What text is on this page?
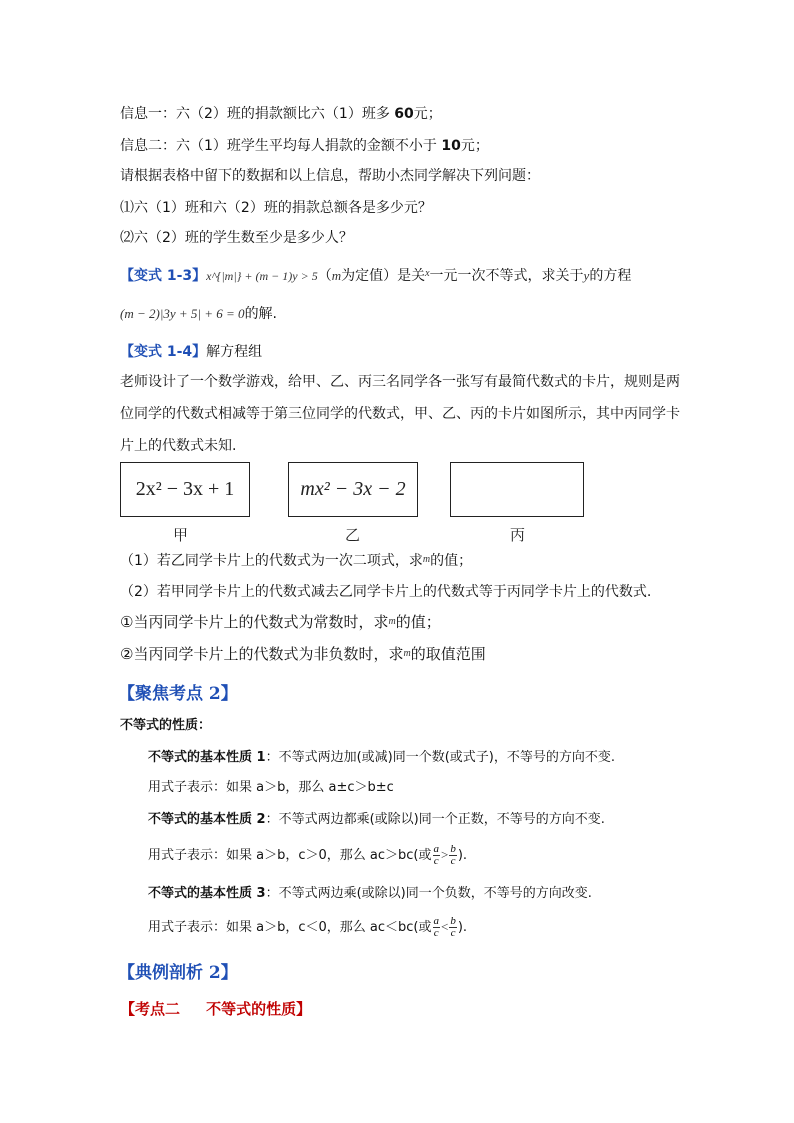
信息一：六（2）班的捐款额比六（1）班多 60元；
信息二：六（1）班学生平均每人捐款的金额不小于 10元；
请根据表格中留下的数据和以上信息，帮助小杰同学解决下列问题：
⑴六（1）班和六（2）班的捐款总额各是多少元？
⑵六（2）班的学生数至少是多少人？
【变式 1-3】x^{|m|} + (m − 1)y > 5（m为定值）是关$^x$一元一次不等式，求关于y的方程
(m − 2)|3y + 5| + 6 = 0的解.
【变式 1-4】解方程组
老师设计了一个数学游戏，给甲、乙、丙三名同学各一张写有最简代数式的卡片，规则是两
位同学的代数式相减等于第三位同学的代数式，甲、乙、丙的卡片如图所示，其中丙同学卡
片上的代数式未知.
2x² − 3x + 1	mx² − 3x − 2
甲	乙	丙
（1）若乙同学卡片上的代数式为一次二项式，求$^m$的值；
（2）若甲同学卡片上的代数式减去乙同学卡片上的代数式等于丙同学卡片上的代数式.
①当丙同学卡片上的代数式为常数时，求$^m$的值；
②当丙同学卡片上的代数式为非负数时，求$^m$的取值范围
【聚焦考点 2】
不等式的性质：
不等式的基本性质 1：不等式两边加(或减)同一个数(或式子)，不等号的方向不变.
用式子表示：如果 a＞b，那么 a±c＞b±c
不等式的基本性质 2：不等式两边都乘(或除以)同一个正数，不等号的方向不变.
用式子表示：如果 a＞b，c＞0，那么 ac＞bc(或 $\frac{a}{c} > \frac{b}{c}$ ).
不等式的基本性质 3：不等式两边乘(或除以)同一个负数，不等号的方向改变.
用式子表示：如果 a＞b，c＜0，那么 ac＜bc(或 $\frac{a}{c} < \frac{b}{c}$ ).
【典例剖析 2】
【考点二     不等式的性质】
